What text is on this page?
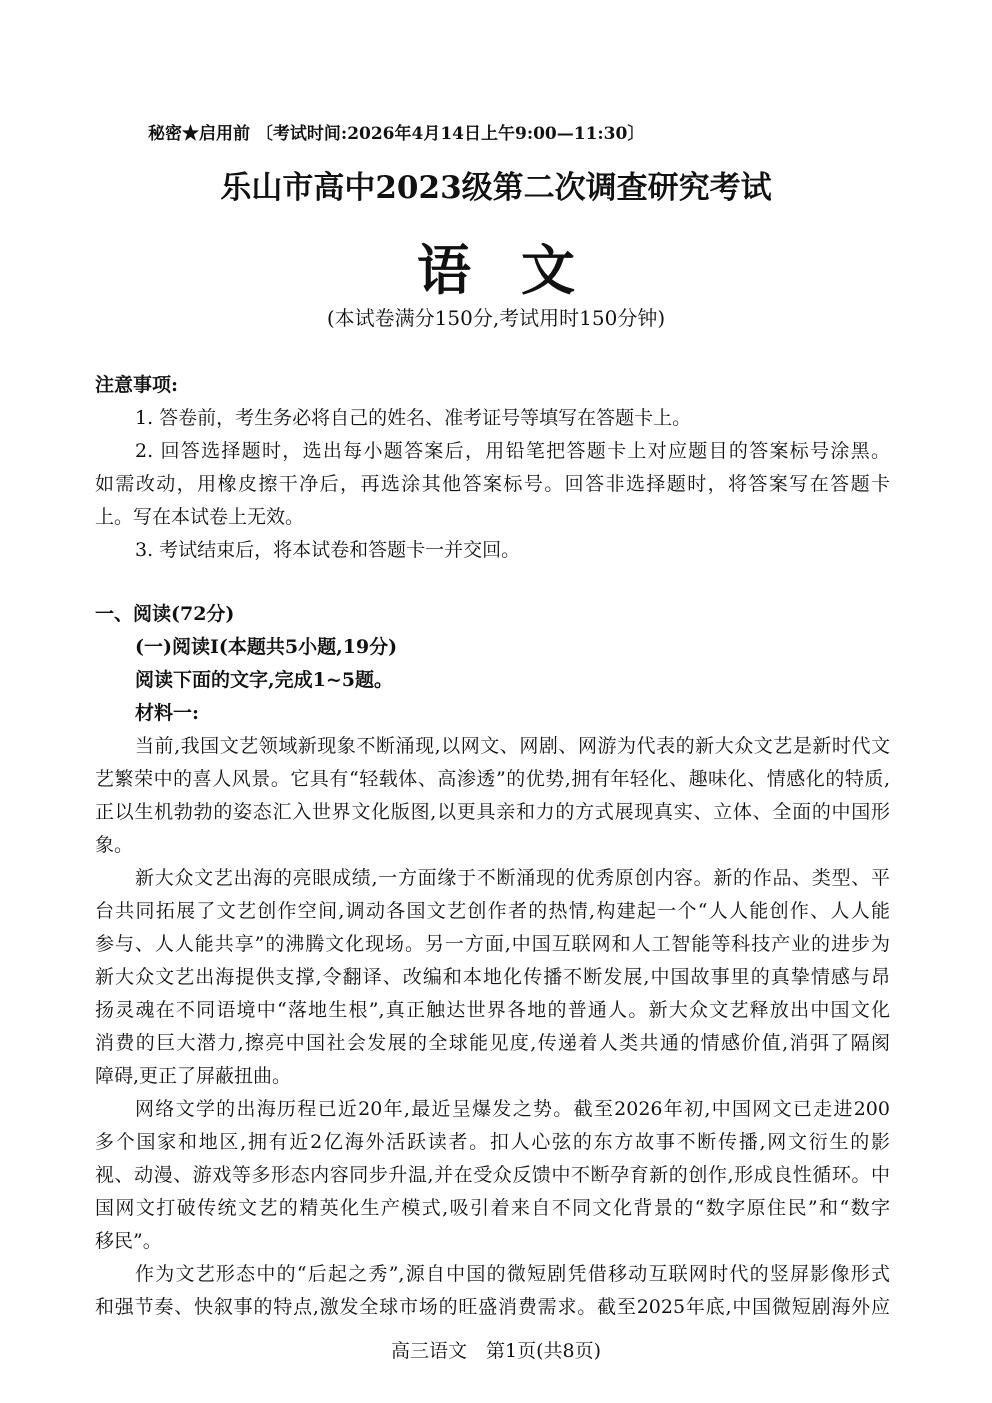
秘密★启用前 〔考试时间:2026年4月14日上午9:00—11:30〕
乐山市高中2023级第二次调查研究考试
语文
(本试卷满分150分,考试用时150分钟)
注意事项:
1. 答卷前，考生务必将自己的姓名、准考证号等填写在答题卡上。
2. 回答选择题时，选出每小题答案后，用铅笔把答题卡上对应题目的答案标号涂黑。
如需改动，用橡皮擦干净后，再选涂其他答案标号。回答非选择题时，将答案写在答题卡
上。写在本试卷上无效。
3. 考试结束后，将本试卷和答题卡一并交回。
一、阅读(72分)
(一)阅读Ⅰ(本题共5小题,19分)
阅读下面的文字,完成1~5题。
材料一:
当前,我国文艺领域新现象不断涌现,以网文、网剧、网游为代表的新大众文艺是新时代文
艺繁荣中的喜人风景。它具有“轻载体、高渗透”的优势,拥有年轻化、趣味化、情感化的特质,
正以生机勃勃的姿态汇入世界文化版图,以更具亲和力的方式展现真实、立体、全面的中国形
象。
新大众文艺出海的亮眼成绩,一方面缘于不断涌现的优秀原创内容。新的作品、类型、平
台共同拓展了文艺创作空间,调动各国文艺创作者的热情,构建起一个“人人能创作、人人能
参与、人人能共享”的沸腾文化现场。另一方面,中国互联网和人工智能等科技产业的进步为
新大众文艺出海提供支撑,令翻译、改编和本地化传播不断发展,中国故事里的真挚情感与昂
扬灵魂在不同语境中“落地生根”,真正触达世界各地的普通人。新大众文艺释放出中国文化
消费的巨大潜力,擦亮中国社会发展的全球能见度,传递着人类共通的情感价值,消弭了隔阂
障碍,更正了屏蔽扭曲。
网络文学的出海历程已近20年,最近呈爆发之势。截至2026年初,中国网文已走进200
多个国家和地区,拥有近2亿海外活跃读者。扣人心弦的东方故事不断传播,网文衍生的影
视、动漫、游戏等多形态内容同步升温,并在受众反馈中不断孕育新的创作,形成良性循环。中
国网文打破传统文艺的精英化生产模式,吸引着来自不同文化背景的“数字原住民”和“数字
移民”。
作为文艺形态中的“后起之秀”,源自中国的微短剧凭借移动互联网时代的竖屏影像形式
和强节奏、快叙事的特点,激发全球市场的旺盛消费需求。截至2025年底,中国微短剧海外应
高三语文　第1页(共8页)
